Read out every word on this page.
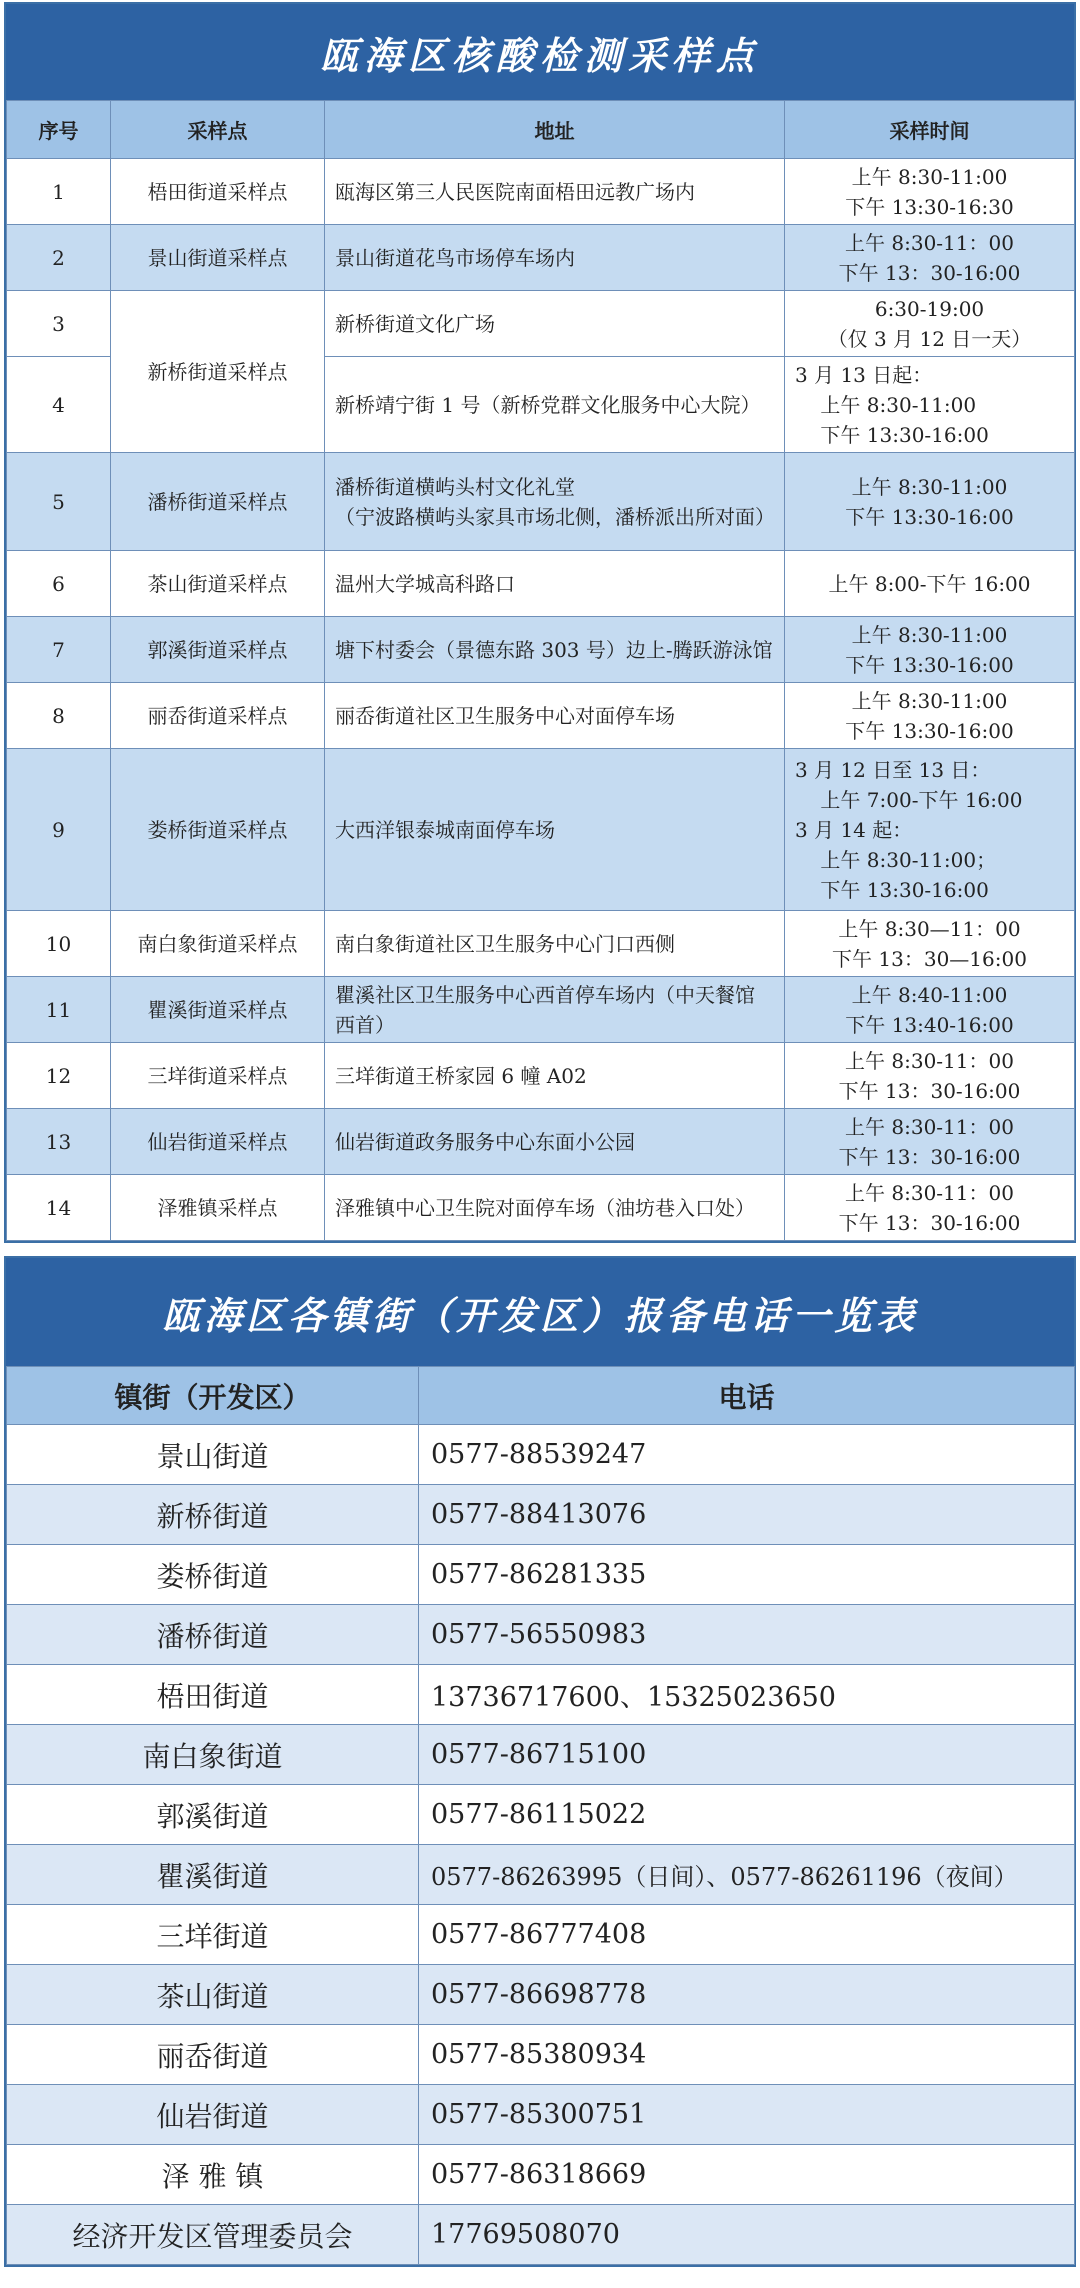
瓯海区核酸检测采样点
序号	采样点	地址	采样时间
1	梧田街道采样点	瓯海区第三人民医院南面梧田远教广场内	上午 8:30-11:00
下午 13:30-16:30

2	景山街道采样点	景山街道花鸟市场停车场内	上午 8:30-11：00
下午 13：30-16:00

3	新桥街道采样点	新桥街道文化广场	6:30-19:00
（仅 3 月 12 日一天）

4		新桥靖宁街 1 号（新桥党群文化服务中心大院）	3 月 13 日起：
上午 8:30-11:00
下午 13:30-16:00

5	潘桥街道采样点	潘桥街道横屿头村文化礼堂
（宁波路横屿头家具市场北侧，潘桥派出所对面）	上午 8:30-11:00
下午 13:30-16:00

6	茶山街道采样点	温州大学城高科路口	上午 8:00-下午 16:00

7	郭溪街道采样点	塘下村委会（景德东路 303 号）边上-腾跃游泳馆	上午 8:30-11:00
下午 13:30-16:00

8	丽岙街道采样点	丽岙街道社区卫生服务中心对面停车场	上午 8:30-11:00
下午 13:30-16:00

9	娄桥街道采样点	大西洋银泰城南面停车场	3 月 12 日至 13 日：
上午 7:00-下午 16:00
3 月 14 起：
上午 8:30-11:00；
下午 13:30-16:00

10	南白象街道采样点	南白象街道社区卫生服务中心门口西侧	上午 8:30—11：00
下午 13：30—16:00

11	瞿溪街道采样点	瞿溪社区卫生服务中心西首停车场内（中天餐馆西首）	上午 8:40-11:00
下午 13:40-16:00

12	三垟街道采样点	三垟街道王桥家园 6 幢 A02	上午 8:30-11：00
下午 13：30-16:00

13	仙岩街道采样点	仙岩街道政务服务中心东面小公园	上午 8:30-11：00
下午 13：30-16:00

14	泽雅镇采样点	泽雅镇中心卫生院对面停车场（油坊巷入口处）	上午 8:30-11：00
下午 13：30-16:00
瓯海区各镇街（开发区）报备电话一览表
镇街（开发区）	电话
景山街道	0577-88539247
新桥街道	0577-88413076
娄桥街道	0577-86281335
潘桥街道	0577-56550983
梧田街道	13736717600、15325023650
南白象街道	0577-86715100
郭溪街道	0577-86115022
瞿溪街道	0577-86263995（日间）、0577-86261196（夜间）
三垟街道	0577-86777408
茶山街道	0577-86698778
丽岙街道	0577-85380934
仙岩街道	0577-85300751
泽 雅 镇	0577-86318669
经济开发区管理委员会	17769508070
